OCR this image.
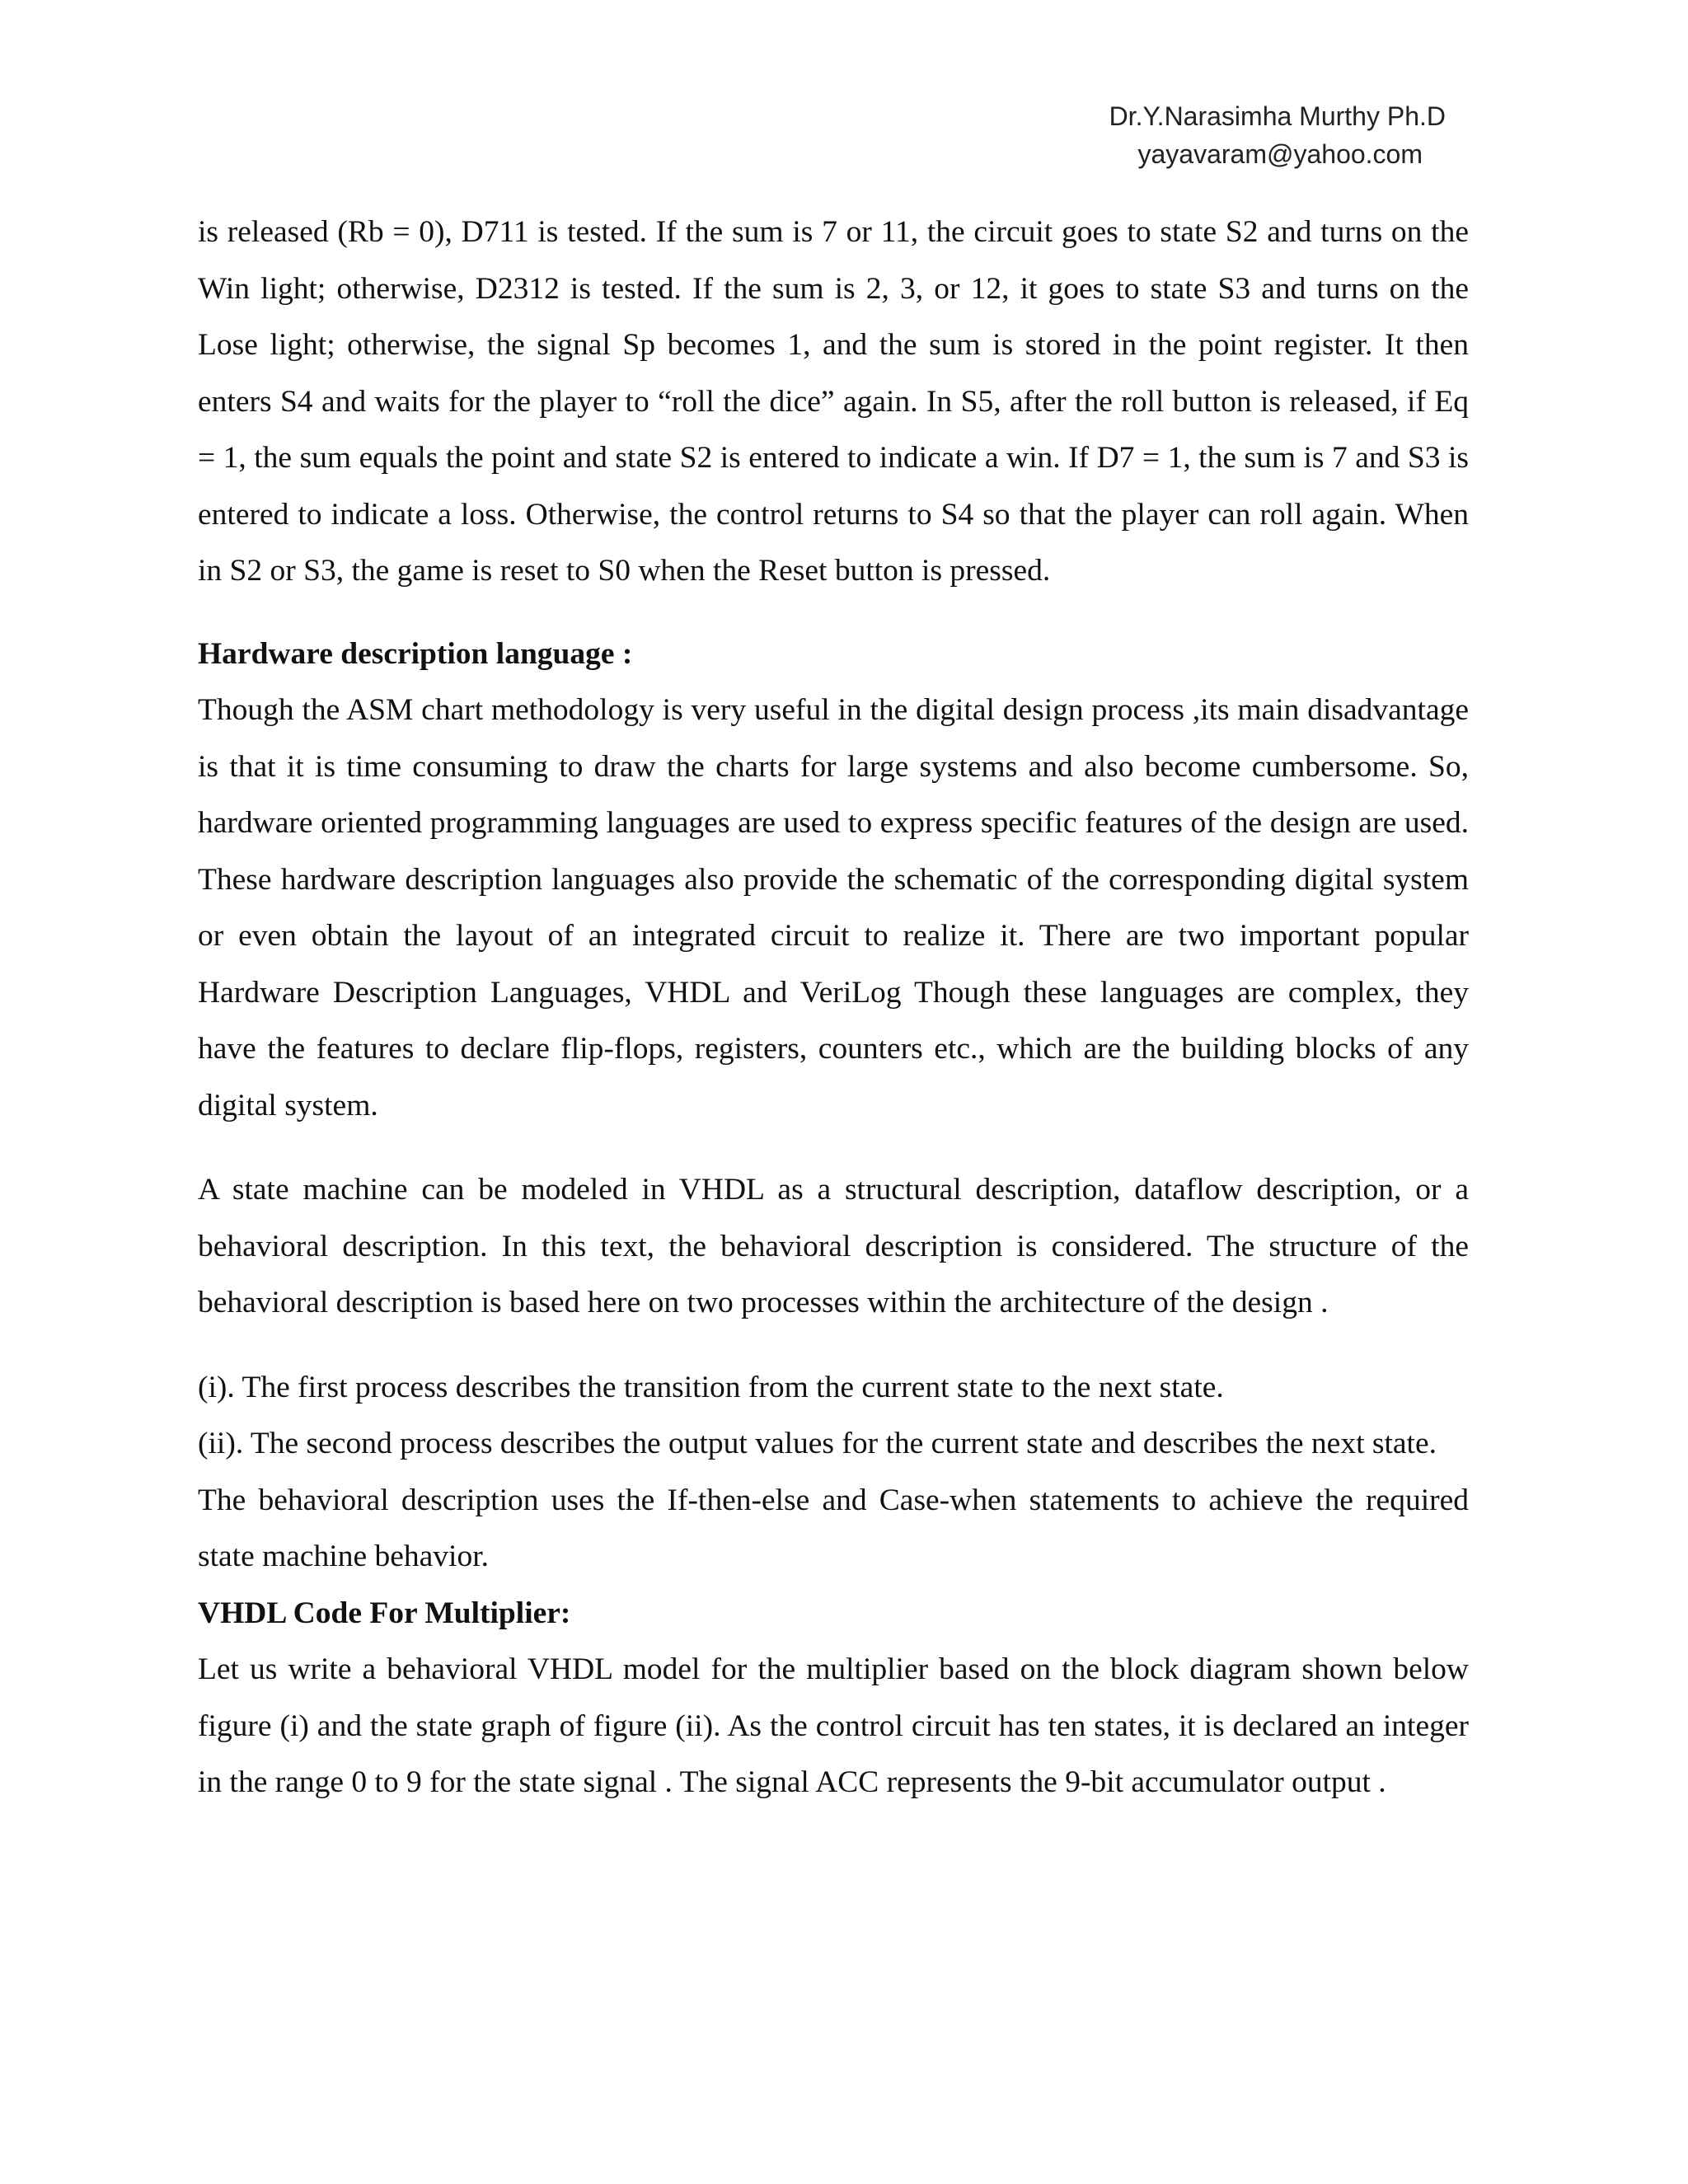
Dr.Y.Narasimha Murthy Ph.D
yayavaram@yahoo.com

is released (Rb = 0), D711 is tested. If the sum is 7 or 11, the circuit goes to state S2 and turns on the Win light; otherwise, D2312 is tested. If the sum is 2, 3, or 12, it goes to state S3 and turns on the Lose light; otherwise, the signal Sp becomes 1, and the sum is stored in the point register. It then enters S4 and waits for the player to “roll the dice” again. In S5, after the roll button is released, if Eq = 1, the sum equals the point and state S2 is entered to indicate a win. If D7 = 1, the sum is 7 and S3 is entered to indicate a loss. Otherwise, the control returns to S4 so that the player can roll again. When in S2 or S3, the game is reset to S0 when the Reset button is pressed.

Hardware description language :

Though the ASM chart methodology is very useful in the digital design process ,its main disadvantage is that it is time consuming to draw the charts for large systems and also become cumbersome. So, hardware oriented programming languages are used to express specific features of the design are used. These hardware description languages also provide the schematic of the corresponding digital system or even obtain the layout of an integrated circuit to realize it. There are two important popular Hardware Description Languages, VHDL and VeriLog Though these languages are complex, they have the features to declare flip-flops, registers, counters etc., which are the building blocks of any digital system.

A state machine can be modeled in VHDL as a structural description, dataflow description, or a behavioral description. In this text, the behavioral description is considered. The structure of the behavioral description is based here on two processes within the architecture of the design .

(i). The first process describes the transition from the current state to the next state.

(ii). The second process describes the output values for the current state and describes the next state.

The behavioral description uses the If-then-else and Case-when statements to achieve the required state machine behavior.

VHDL Code For Multiplier:

Let us write a behavioral VHDL model for the multiplier based on the block diagram shown below figure (i) and the state graph of figure (ii). As the control circuit has ten states, it is declared an integer in the range 0 to 9 for the state signal . The signal ACC represents the 9-bit accumulator output .
